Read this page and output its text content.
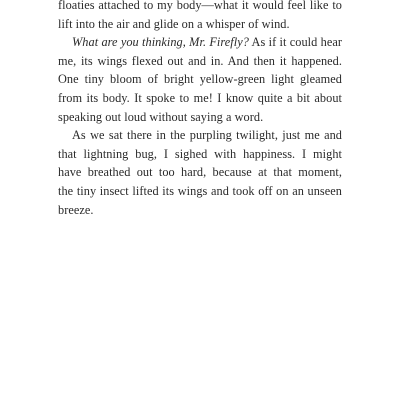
floaties attached to my body—what it would feel like to
lift into the air and glide on a whisper of wind.
What are you thinking, Mr. Firefly? As if it could hear
me, its wings flexed out and in. And then it happened.
One tiny bloom of bright yellow-green light gleamed
from its body. It spoke to me! I know quite a bit about
speaking out loud without saying a word.
As we sat there in the purpling twilight, just me and
that lightning bug, I sighed with happiness. I might
have breathed out too hard, because at that moment,
the tiny insect lifted its wings and took off on an unseen
breeze.
